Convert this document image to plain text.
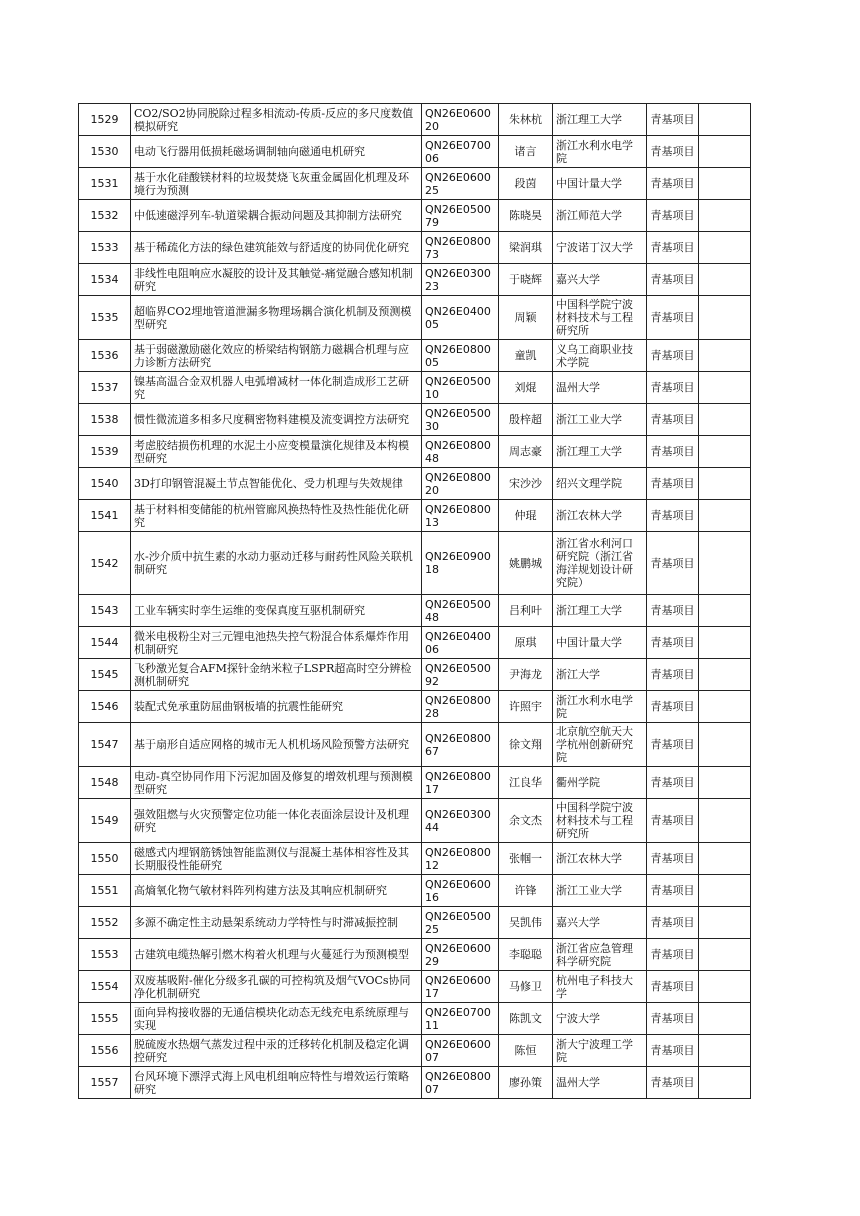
1529	CO2/SO2协同脱除过程多相流动-传质-反应的多尺度数值模拟研究	QN26E060020	朱林杭	浙江理工大学	青基项目	
1530	电动飞行器用低损耗磁场调制轴向磁通电机研究	QN26E070006	诸言	浙江水利水电学院	青基项目	
1531	基于水化硅酸镁材料的垃圾焚烧飞灰重金属固化机理及环境行为预测	QN26E060025	段茵	中国计量大学	青基项目	
1532	中低速磁浮列车-轨道梁耦合振动问题及其抑制方法研究	QN26E050079	陈晓昊	浙江师范大学	青基项目	
1533	基于稀疏化方法的绿色建筑能效与舒适度的协同优化研究	QN26E080073	梁润琪	宁波诺丁汉大学	青基项目	
1534	非线性电阻响应水凝胶的设计及其触觉-痛觉融合感知机制研究	QN26E030023	于晓辉	嘉兴大学	青基项目	
1535	超临界CO2埋地管道泄漏多物理场耦合演化机制及预测模型研究	QN26E040005	周颖	中国科学院宁波材料技术与工程研究所	青基项目	
1536	基于弱磁激励磁化效应的桥梁结构钢筋力磁耦合机理与应力诊断方法研究	QN26E080005	童凯	义乌工商职业技术学院	青基项目	
1537	镍基高温合金双机器人电弧增减材一体化制造成形工艺研究	QN26E050010	刘焜	温州大学	青基项目	
1538	惯性微流道多相多尺度稠密物料建模及流变调控方法研究	QN26E050030	殷梓超	浙江工业大学	青基项目	
1539	考虑胶结损伤机理的水泥土小应变模量演化规律及本构模型研究	QN26E080048	周志豪	浙江理工大学	青基项目	
1540	3D打印钢管混凝土节点智能优化、受力机理与失效规律	QN26E080020	宋沙沙	绍兴文理学院	青基项目	
1541	基于材料相变储能的杭州管廊风换热特性及热性能优化研究	QN26E080013	仲琨	浙江农林大学	青基项目	
1542	水-沙介质中抗生素的水动力驱动迁移与耐药性风险关联机制研究	QN26E090018	姚鹏城	浙江省水利河口研究院（浙江省海洋规划设计研究院）	青基项目	
1543	工业车辆实时孪生运维的变保真度互驱机制研究	QN26E050048	吕利叶	浙江理工大学	青基项目	
1544	微米电极粉尘对三元锂电池热失控气粉混合体系爆炸作用机制研究	QN26E040006	原琪	中国计量大学	青基项目	
1545	飞秒激光复合AFM探针金纳米粒子LSPR超高时空分辨检测机制研究	QN26E050092	尹海龙	浙江大学	青基项目	
1546	装配式免承重防屈曲钢板墙的抗震性能研究	QN26E080028	许照宇	浙江水利水电学院	青基项目	
1547	基于扇形自适应网格的城市无人机机场风险预警方法研究	QN26E080067	徐文翔	北京航空航天大学杭州创新研究院	青基项目	
1548	电动-真空协同作用下污泥加固及修复的增效机理与预测模型研究	QN26E080017	江良华	衢州学院	青基项目	
1549	强效阻燃与火灾预警定位功能一体化表面涂层设计及机理研究	QN26E030044	余文杰	中国科学院宁波材料技术与工程研究所	青基项目	
1550	磁感式内埋钢筋锈蚀智能监测仪与混凝土基体相容性及其长期服役性能研究	QN26E080012	张帼一	浙江农林大学	青基项目	
1551	高熵氧化物气敏材料阵列构建方法及其响应机制研究	QN26E060016	许锋	浙江工业大学	青基项目	
1552	多源不确定性主动悬架系统动力学特性与时滞减振控制	QN26E050025	吴凯伟	嘉兴大学	青基项目	
1553	古建筑电缆热解引燃木构着火机理与火蔓延行为预测模型	QN26E060029	李聪聪	浙江省应急管理科学研究院	青基项目	
1554	双废基吸附-催化分级多孔碳的可控构筑及烟气VOCs协同净化机制研究	QN26E060017	马修卫	杭州电子科技大学	青基项目	
1555	面向异构接收器的无通信模块化动态无线充电系统原理与实现	QN26E070011	陈凯文	宁波大学	青基项目	
1556	脱硫废水热烟气蒸发过程中汞的迁移转化机制及稳定化调控研究	QN26E060007	陈恒	浙大宁波理工学院	青基项目	
1557	台风环境下漂浮式海上风电机组响应特性与增效运行策略研究	QN26E080007	廖孙策	温州大学	青基项目	
